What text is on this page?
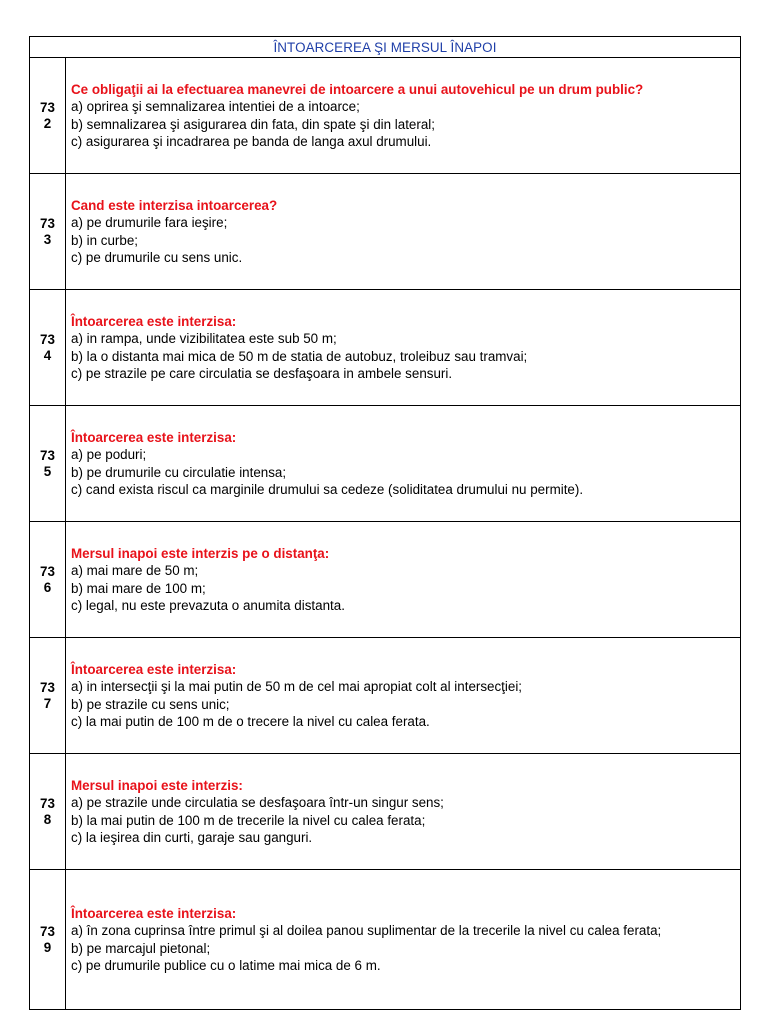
ÎNTOARCEREA ŞI MERSUL ÎNAPOI	

73
2	Ce obligaţii ai la efectuarea manevrei de intoarcere a unui autovehicul pe un drum public?
a) oprirea şi semnalizarea intentiei de a intoarce;
b) semnalizarea şi asigurarea din fata, din spate şi din lateral;
c) asigurarea şi incadrarea pe banda de langa axul drumului.

73
3	Cand este interzisa intoarcerea?
a) pe drumurile fara ieşire;
b) in curbe;
c) pe drumurile cu sens unic.

73
4	Întoarcerea este interzisa:
a) in rampa, unde vizibilitatea este sub 50 m;
b) la o distanta mai mica de 50 m de statia de autobuz, troleibuz sau tramvai;
c) pe strazile pe care circulatia se desfaşoara in ambele sensuri.

73
5	Întoarcerea este interzisa:
a) pe poduri;
b) pe drumurile cu circulatie intensa;
c) cand exista riscul ca marginile drumului sa cedeze (soliditatea drumului nu permite).

73
6	Mersul inapoi este interzis pe o distanţa:
a) mai mare de 50 m;
b) mai mare de 100 m;
c) legal, nu este prevazuta o anumita distanta.

73
7	Întoarcerea este interzisa:
a) in intersecţii şi la mai putin de 50 m de cel mai apropiat colt al intersecţiei;
b) pe strazile cu sens unic;
c) la mai putin de 100 m de o trecere la nivel cu calea ferata.

73
8	Mersul inapoi este interzis:
a) pe strazile unde circulatia se desfaşoara într-un singur sens;
b) la mai putin de 100 m de trecerile la nivel cu calea ferata;
c) la ieşirea din curti, garaje sau ganguri.

73
9	Întoarcerea este interzisa:
a) în zona cuprinsa între primul şi al doilea panou suplimentar de la trecerile la nivel cu calea ferata;
b) pe marcajul pietonal;
c) pe drumurile publice cu o latime mai mica de 6 m.
